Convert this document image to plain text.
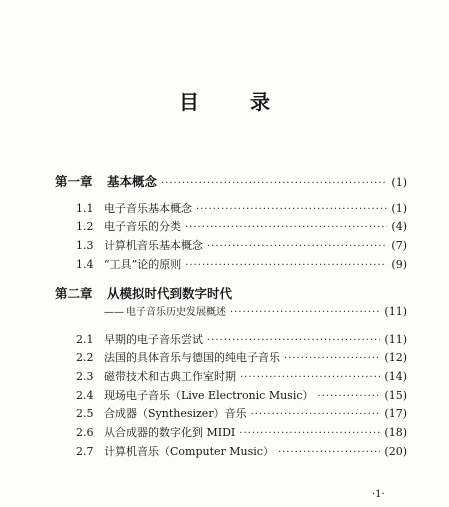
目 录
第一章	基本概念 ·····	(1)
1.1 电子音乐基本概念 ·····	(1)
1.2 电子音乐的分类 ·····	(4)
1.3 计算机音乐基本概念 ·····	(7)
1.4 “工具”论的原则 ·····	(9)
第二章	从模拟时代到数字时代
—— 电子音乐历史发展概述 ·····	(11)
2.1 早期的电子音乐尝试 ·····	(11)
2.2 法国的具体音乐与德国的纯电子音乐 ·····	(12)
2.3 磁带技术和古典工作室时期 ·····	(14)
2.4 现场电子音乐（Live Electronic Music） ·····	(15)
2.5 合成器（Synthesizer）音乐 ·····	(17)
2.6 从合成器的数字化到 MIDI ·····	(18)
2.7 计算机音乐（Computer Music） ·····	(20)
·1·
